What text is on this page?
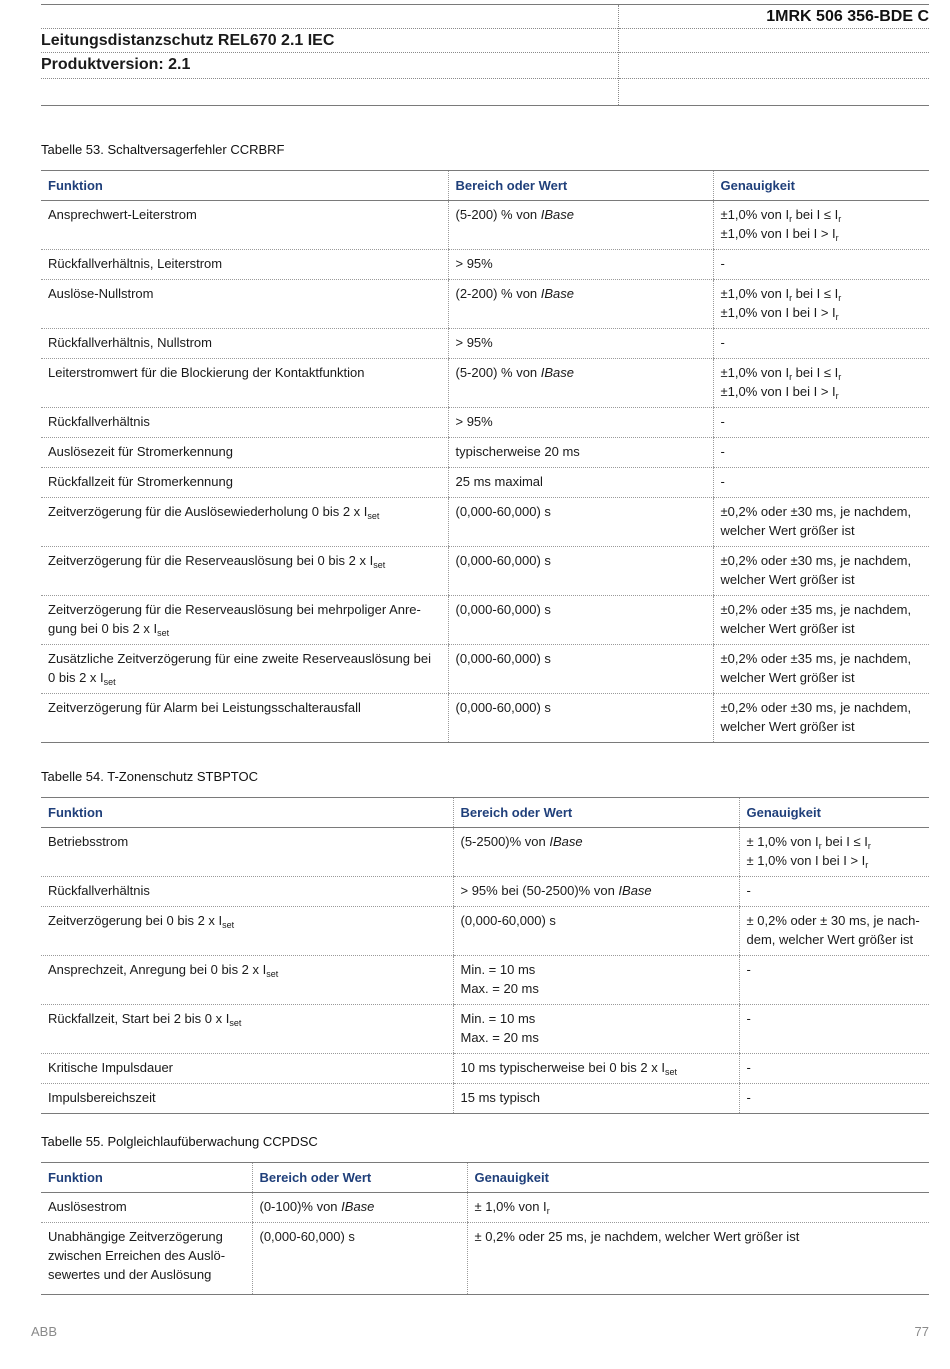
1MRK 506 356-BDE C
Leitungsdistanzschutz REL670 2.1 IEC
Produktversion: 2.1
Tabelle 53. Schaltversagerfehler CCRBRF
Funktion	Bereich oder Wert	Genauigkeit
Ansprechwert-Leiterstrom	(5-200) % von IBase	±1,0% von $I_r$ bei $I \le I_r$
±1,0% von I bei $I > I_r$

Rückfallverhältnis, Leiterstrom	> 95%	-
Auslöse-Nullstrom	(2-200) % von IBase	±1,0% von $I_r$ bei $I \le I_r$
±1,0% von I bei $I > I_r$

Rückfallverhältnis, Nullstrom	> 95%	-
Leiterstromwert für die Blockierung der Kontaktfunktion	(5-200) % von IBase	±1,0% von $I_r$ bei $I \le I_r$
±1,0% von I bei $I > I_r$

Rückfallverhältnis	> 95%	-
Auslösezeit für Stromerkennung	typischerweise 20 ms	-
Rückfallzeit für Stromerkennung	25 ms maximal	-
Zeitverzögerung für die Auslösewiederholung 0 bis 2 x $I_{set}$	(0,000-60,000) s	±0,2% oder ±30 ms, je nachdem,
welcher Wert größer ist

Zeitverzögerung für die Reserveauslösung bei 0 bis 2 x $I_{set}$	(0,000-60,000) s	±0,2% oder ±30 ms, je nachdem,
welcher Wert größer ist

Zeitverzögerung für die Reserveauslösung bei mehrpoliger Anre-
gung bei 0 bis 2 x $I_{set}$	(0,000-60,000) s	±0,2% oder ±35 ms, je nachdem,
welcher Wert größer ist

Zusätzliche Zeitverzögerung für eine zweite Reserveauslösung bei
0 bis 2 x $I_{set}$	(0,000-60,000) s	±0,2% oder ±35 ms, je nachdem,
welcher Wert größer ist

Zeitverzögerung für Alarm bei Leistungsschalterausfall	(0,000-60,000) s	±0,2% oder ±30 ms, je nachdem,
welcher Wert größer ist
Tabelle 54. T-Zonenschutz STBPTOC
Funktion	Bereich oder Wert	Genauigkeit
Betriebsstrom	(5-2500)% von IBase	± 1,0% von $I_r$ bei $I \le I_r$
± 1,0% von I bei $I > I_r$

Rückfallverhältnis	> 95% bei (50-2500)% von IBase	-
Zeitverzögerung bei 0 bis 2 x $I_{set}$	(0,000-60,000) s	± 0,2% oder ± 30 ms, je nach-
dem, welcher Wert größer ist

Ansprechzeit, Anregung bei 0 bis 2 x $I_{set}$	Min. = 10 ms
Max. = 20 ms	-
Rückfallzeit, Start bei 2 bis 0 x $I_{set}$	Min. = 10 ms
Max. = 20 ms	-
Kritische Impulsdauer	10 ms typischerweise bei 0 bis 2 x $I_{set}$	-
Impulsbereichszeit	15 ms typisch	-
Tabelle 55. Polgleichlaufüberwachung CCPDSC
Funktion	Bereich oder Wert	Genauigkeit
Auslösestrom	(0-100)% von IBase	± 1,0% von $I_r$

Unabhängige Zeitverzögerung
zwischen Erreichen des Auslö-
sewertes und der Auslösung	(0,000-60,000) s	± 0,2% oder 25 ms, je nachdem, welcher Wert größer ist
ABB	77
